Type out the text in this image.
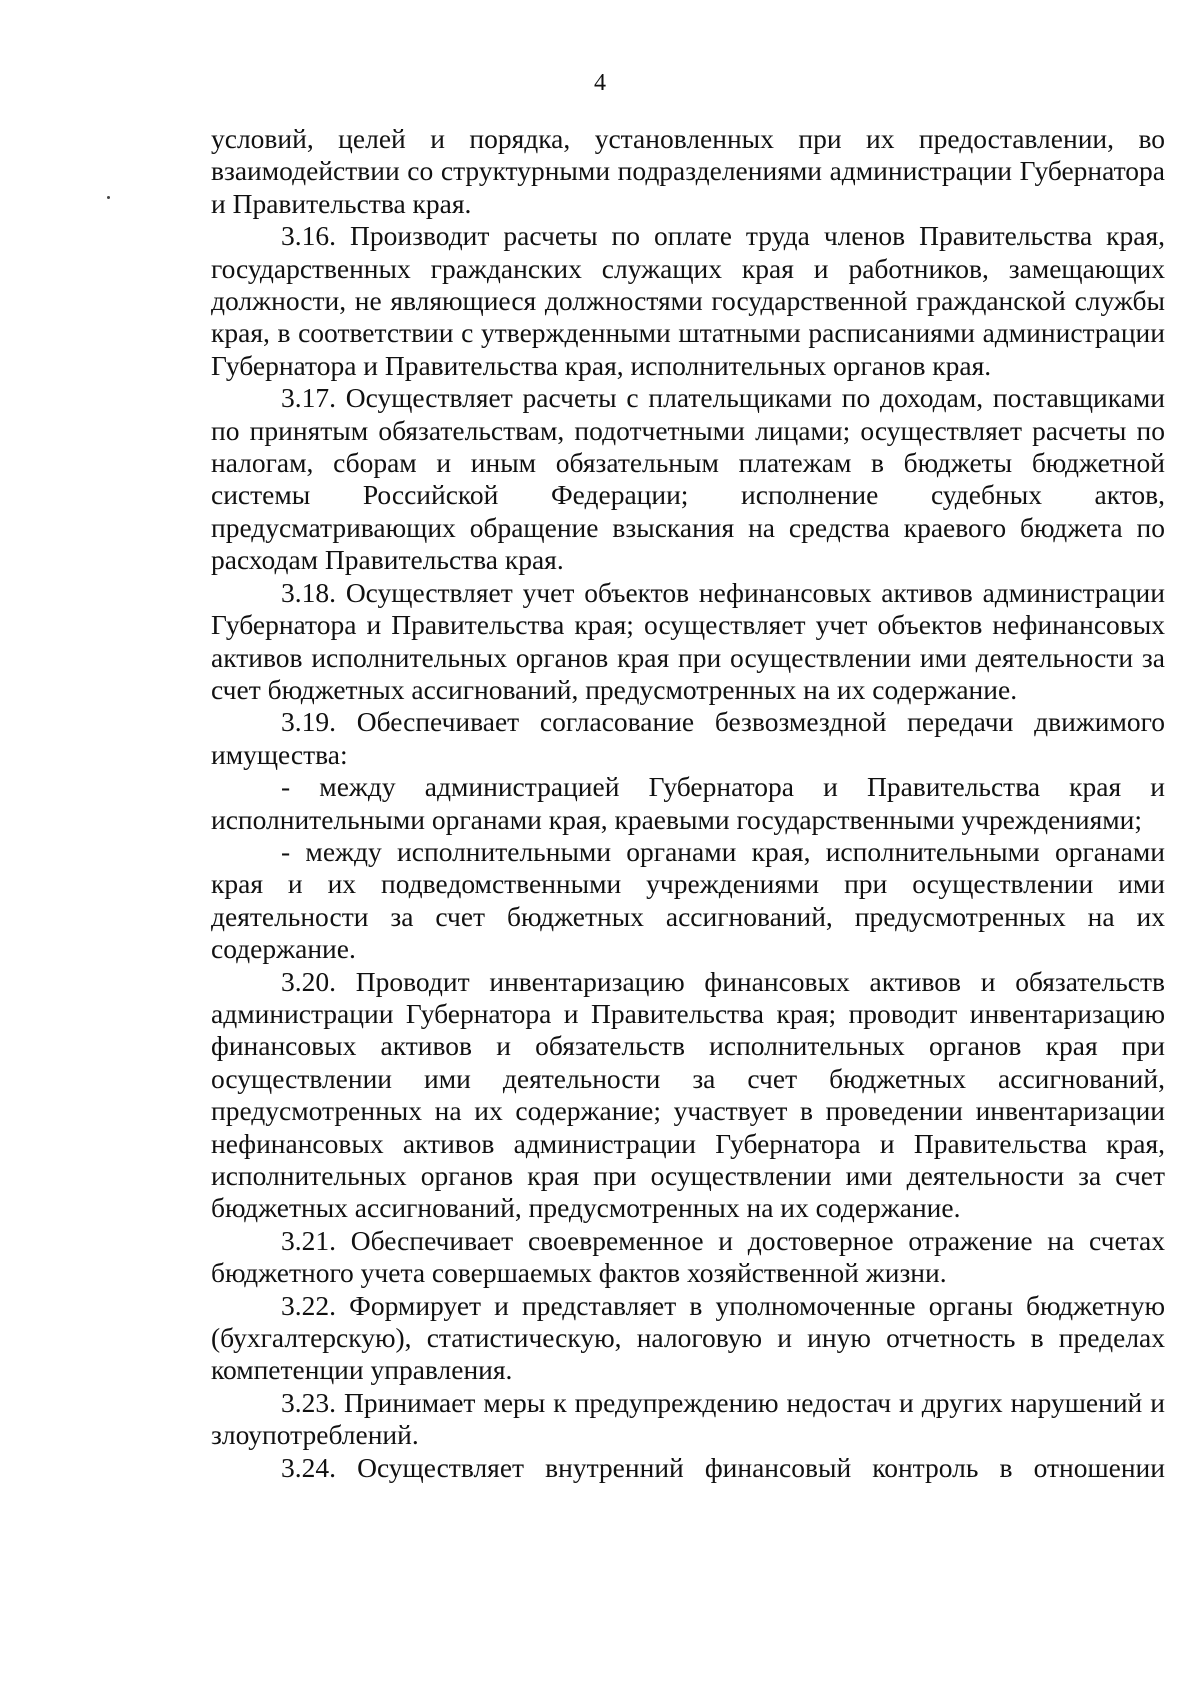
4

условий, целей и порядка, установленных при их предоставлении, во взаимодействии со структурными подразделениями администрации Губернатора и Правительства края.

3.16. Производит расчеты по оплате труда членов Правительства края, государственных гражданских служащих края и работников, замещающих должности, не являющиеся должностями государственной гражданской службы края, в соответствии с утвержденными штатными расписаниями администрации Губернатора и Правительства края, исполнительных органов края.

3.17. Осуществляет расчеты с плательщиками по доходам, поставщиками по принятым обязательствам, подотчетными лицами; осуществляет расчеты по налогам, сборам и иным обязательным платежам в бюджеты бюджетной системы Российской Федерации; исполнение судебных актов, предусматривающих обращение взыскания на средства краевого бюджета по расходам Правительства края.

3.18. Осуществляет учет объектов нефинансовых активов администрации Губернатора и Правительства края; осуществляет учет объектов нефинансовых активов исполнительных органов края при осуществлении ими деятельности за счет бюджетных ассигнований, предусмотренных на их содержание.

3.19. Обеспечивает согласование безвозмездной передачи движимого имущества:

- между администрацией Губернатора и Правительства края и исполнительными органами края, краевыми государственными учреждениями;

- между исполнительными органами края, исполнительными органами края и их подведомственными учреждениями при осуществлении ими деятельности за счет бюджетных ассигнований, предусмотренных на их содержание.

3.20. Проводит инвентаризацию финансовых активов и обязательств администрации Губернатора и Правительства края; проводит инвентаризацию финансовых активов и обязательств исполнительных органов края при осуществлении ими деятельности за счет бюджетных ассигнований, предусмотренных на их содержание; участвует в проведении инвентаризации нефинансовых активов администрации Губернатора и Правительства края, исполнительных органов края при осуществлении ими деятельности за счет бюджетных ассигнований, предусмотренных на их содержание.

3.21. Обеспечивает своевременное и достоверное отражение на счетах бюджетного учета совершаемых фактов хозяйственной жизни.

3.22. Формирует и представляет в уполномоченные органы бюджетную (бухгалтерскую), статистическую, налоговую и иную отчетность в пределах компетенции управления.

3.23. Принимает меры к предупреждению недостач и других нарушений и злоупотреблений.

3.24. Осуществляет внутренний финансовый контроль в отношении
